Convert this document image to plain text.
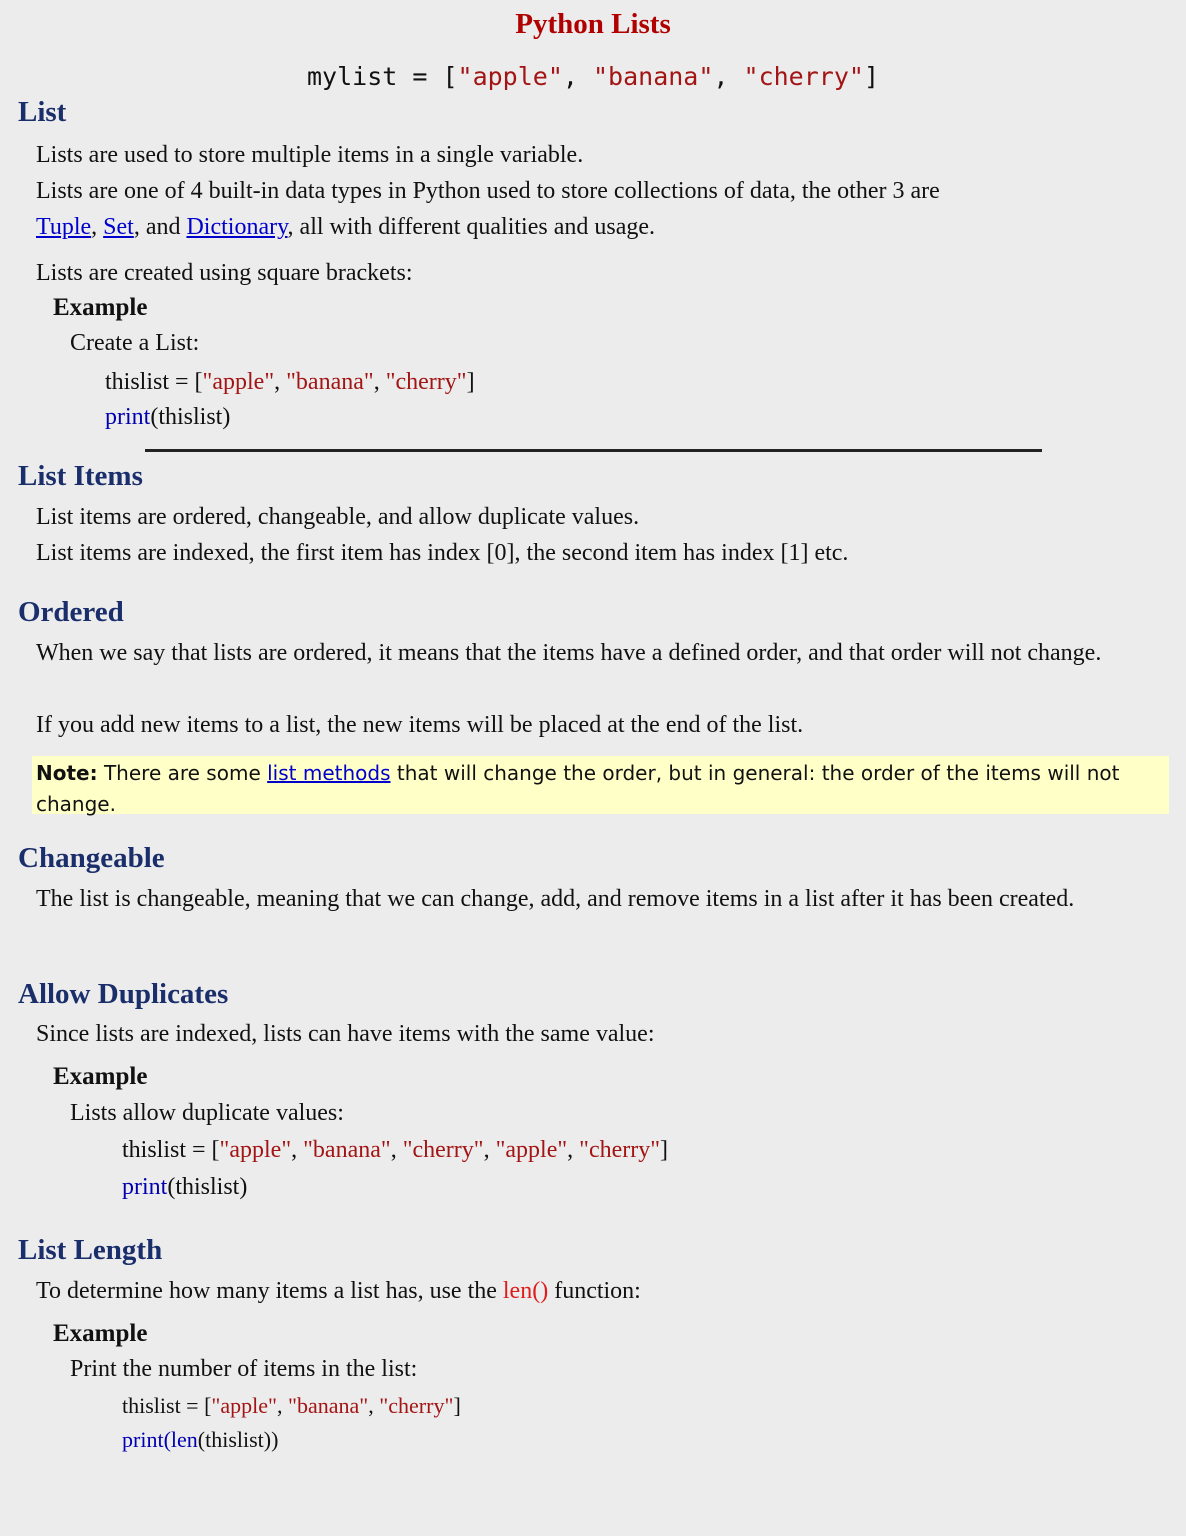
Python Lists
mylist = ["apple", "banana", "cherry"]
List
Lists are used to store multiple items in a single variable.
Lists are one of 4 built-in data types in Python used to store collections of data, the other 3 are
Tuple, Set, and Dictionary, all with different qualities and usage.
Lists are created using square brackets:
Example
Create a List:
thislist = ["apple", "banana", "cherry"]
print(thislist)
List Items
List items are ordered, changeable, and allow duplicate values.
List items are indexed, the first item has index [0], the second item has index [1] etc.
Ordered
When we say that lists are ordered, it means that the items have a defined order, and that order will not change.
If you add new items to a list, the new items will be placed at the end of the list.
Note: There are some list methods that will change the order, but in general: the order of the items will not change.
Changeable
The list is changeable, meaning that we can change, add, and remove items in a list after it has been created.
Allow Duplicates
Since lists are indexed, lists can have items with the same value:
Example
Lists allow duplicate values:
thislist = ["apple", "banana", "cherry", "apple", "cherry"]
print(thislist)
List Length
To determine how many items a list has, use the len() function:
Example
Print the number of items in the list:
thislist = ["apple", "banana", "cherry"]
print(len(thislist))
